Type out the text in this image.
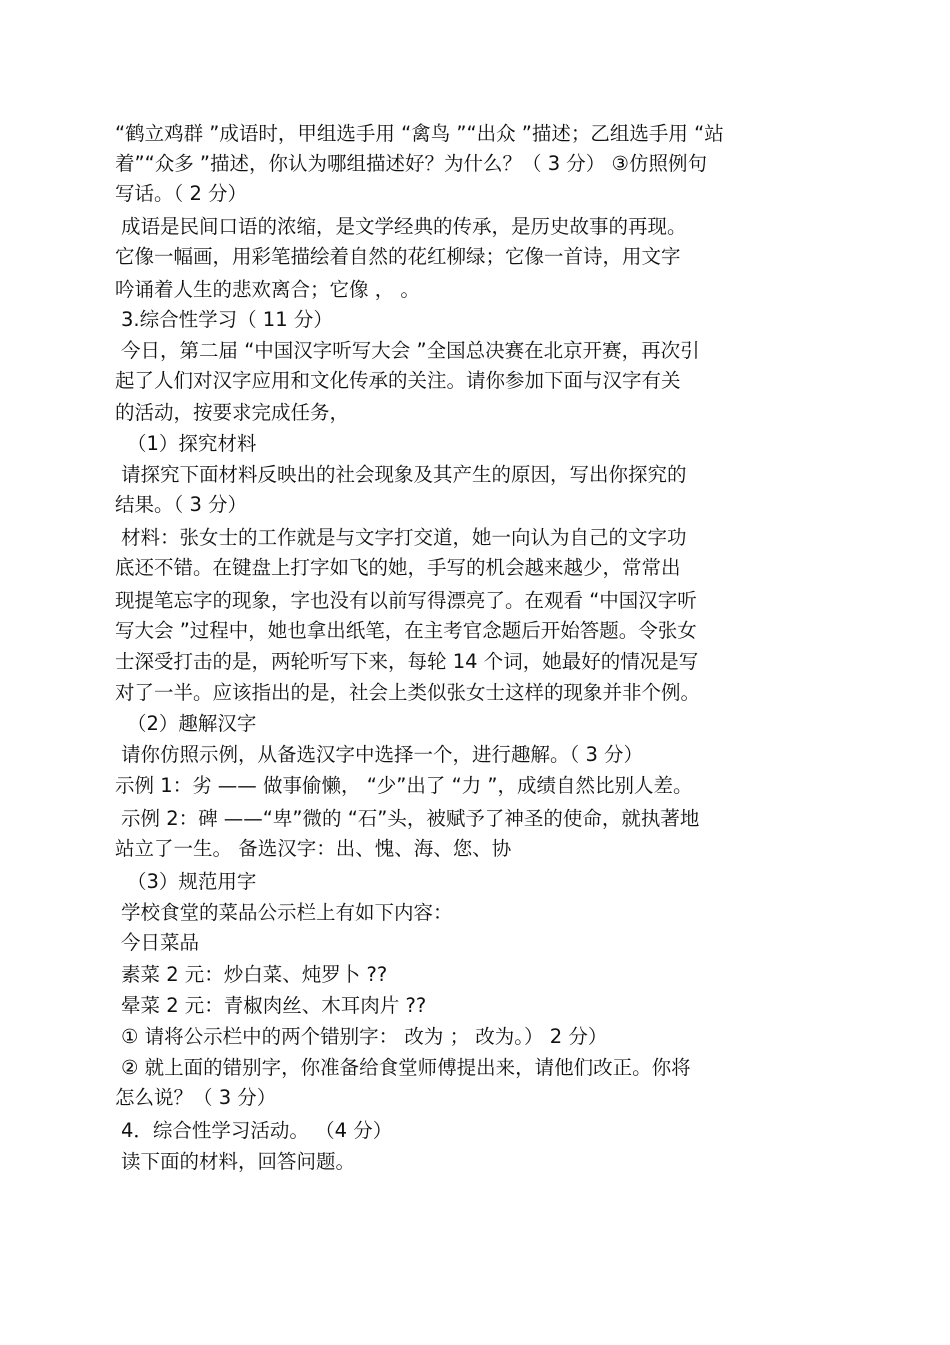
“鹤立鸡群 ”成语时，甲组选手用 “禽鸟 ”“出众 ”描述；乙组选手用 “站
着”“众多 ”描述，你认为哪组描述好？为什么？（ 3 分） ③仿照例句
写话。（ 2 分）
成语是民间口语的浓缩，是文学经典的传承，是历史故事的再现。
它像一幅画，用彩笔描绘着自然的花红柳绿；它像一首诗，用文字
吟诵着人生的悲欢离合；它像 ， 。
3.综合性学习（ 11 分）
今日，第二届 “中国汉字听写大会 ”全国总决赛在北京开赛，再次引
起了人们对汉字应用和文化传承的关注。请你参加下面与汉字有关
的活动，按要求完成任务，
（1）探究材料
请探究下面材料反映出的社会现象及其产生的原因，写出你探究的
结果。（ 3 分）
材料：张女士的工作就是与文字打交道，她一向认为自己的文字功
底还不错。在键盘上打字如飞的她，手写的机会越来越少，常常出
现提笔忘字的现象，字也没有以前写得漂亮了。在观看 “中国汉字听
写大会 ”过程中，她也拿出纸笔，在主考官念题后开始答题。令张女
士深受打击的是，两轮听写下来，每轮 14 个词，她最好的情况是写
对了一半。应该指出的是，社会上类似张女士这样的现象并非个例。
（2）趣解汉字
请你仿照示例，从备选汉字中选择一个，进行趣解。（ 3 分）
示例 1：劣 —— 做事偷懒， “少”出了 “力 ”，成绩自然比别人差。
示例 2：碑 ——“卑”微的 “石”头，被赋予了神圣的使命，就执著地
站立了一生。 备选汉字：出、愧、海、您、协
（3）规范用字
学校食堂的菜品公示栏上有如下内容：
今日菜品
素菜 2 元：炒白菜、炖罗卜 ??
晕菜 2 元：青椒肉丝、木耳肉片 ??
① 请将公示栏中的两个错别字： 改为 ； 改为。） 2 分）
② 就上面的错别字，你准备给食堂师傅提出来，请他们改正。你将
怎么说？（ 3 分）
4．综合性学习活动。 （4 分）
读下面的材料，回答问题。
